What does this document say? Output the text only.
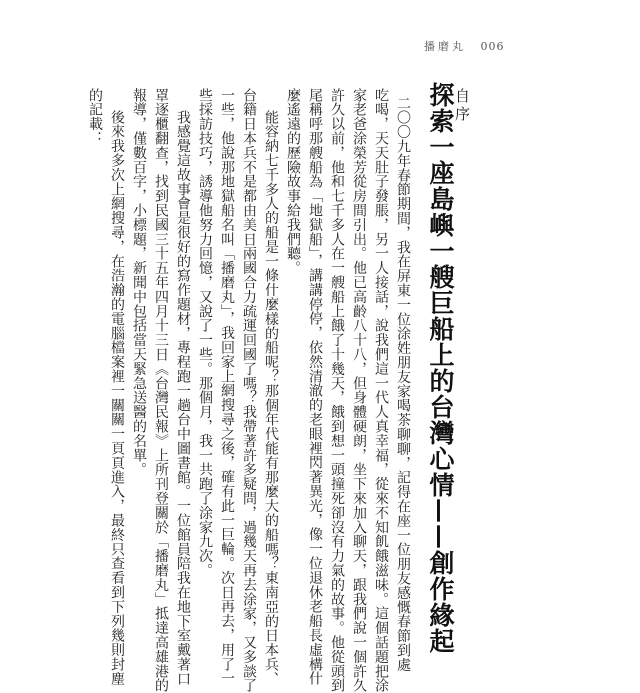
播磨丸 006
自序
探索一座島嶼一艘巨船上的台灣心情——創作緣起
二〇〇九年春節期間，我在屏東一位涂姓朋友家喝茶聊聊，記得在座一位朋友感慨春節到處
吃喝，天天肚子發脹，另一人接話，說我們這一代人真幸福，從來不知飢餓滋味。這個話題把涂
家老爸涂榮芳從房間引出。他已高齡八十八，但身體硬朗，坐下來加入聊天，跟我們說一個許久
許久以前，他和七千多人在一艘船上餓了十幾天，餓到想一頭撞死卻沒有力氣的故事。他從頭到
尾稱呼那艘船為「地獄船」，講講停停，依然清澈的老眼裡閃著異光，像一位退休老船長虛構什
麼遙遠的歷險故事給我們聽。
能容納七千多人的船是一條什麼樣的船呢？那個年代能有那麼大的船嗎？東南亞的日本兵、
台籍日本兵不是都由美日兩國合力疏運回國了嗎？我帶著許多疑問，過幾天再去涂家，又多談了
一些，他說那地獄船名叫「播磨丸」，我回家上網搜尋之後，確有此一巨輪。次日再去，用了一
些採訪技巧，誘導他努力回憶，又說了一些。那個月，我一共跑了涂家九次。
我感覺這故事會是很好的寫作題材，專程跑一趟台中圖書館。一位館員陪我在地下室戴著口
罩逐櫃翻查，找到民國三十五年四月十三日《台灣民報》上所刊登關於「播磨丸」抵達高雄港的
報導，僅數百字，小標題，新聞中包括當天緊急送醫的名單。
後來我多次上網搜尋，在浩瀚的電腦檔案裡一關關一頁頁進入，最終只查看到下列幾則封塵
的記載：
